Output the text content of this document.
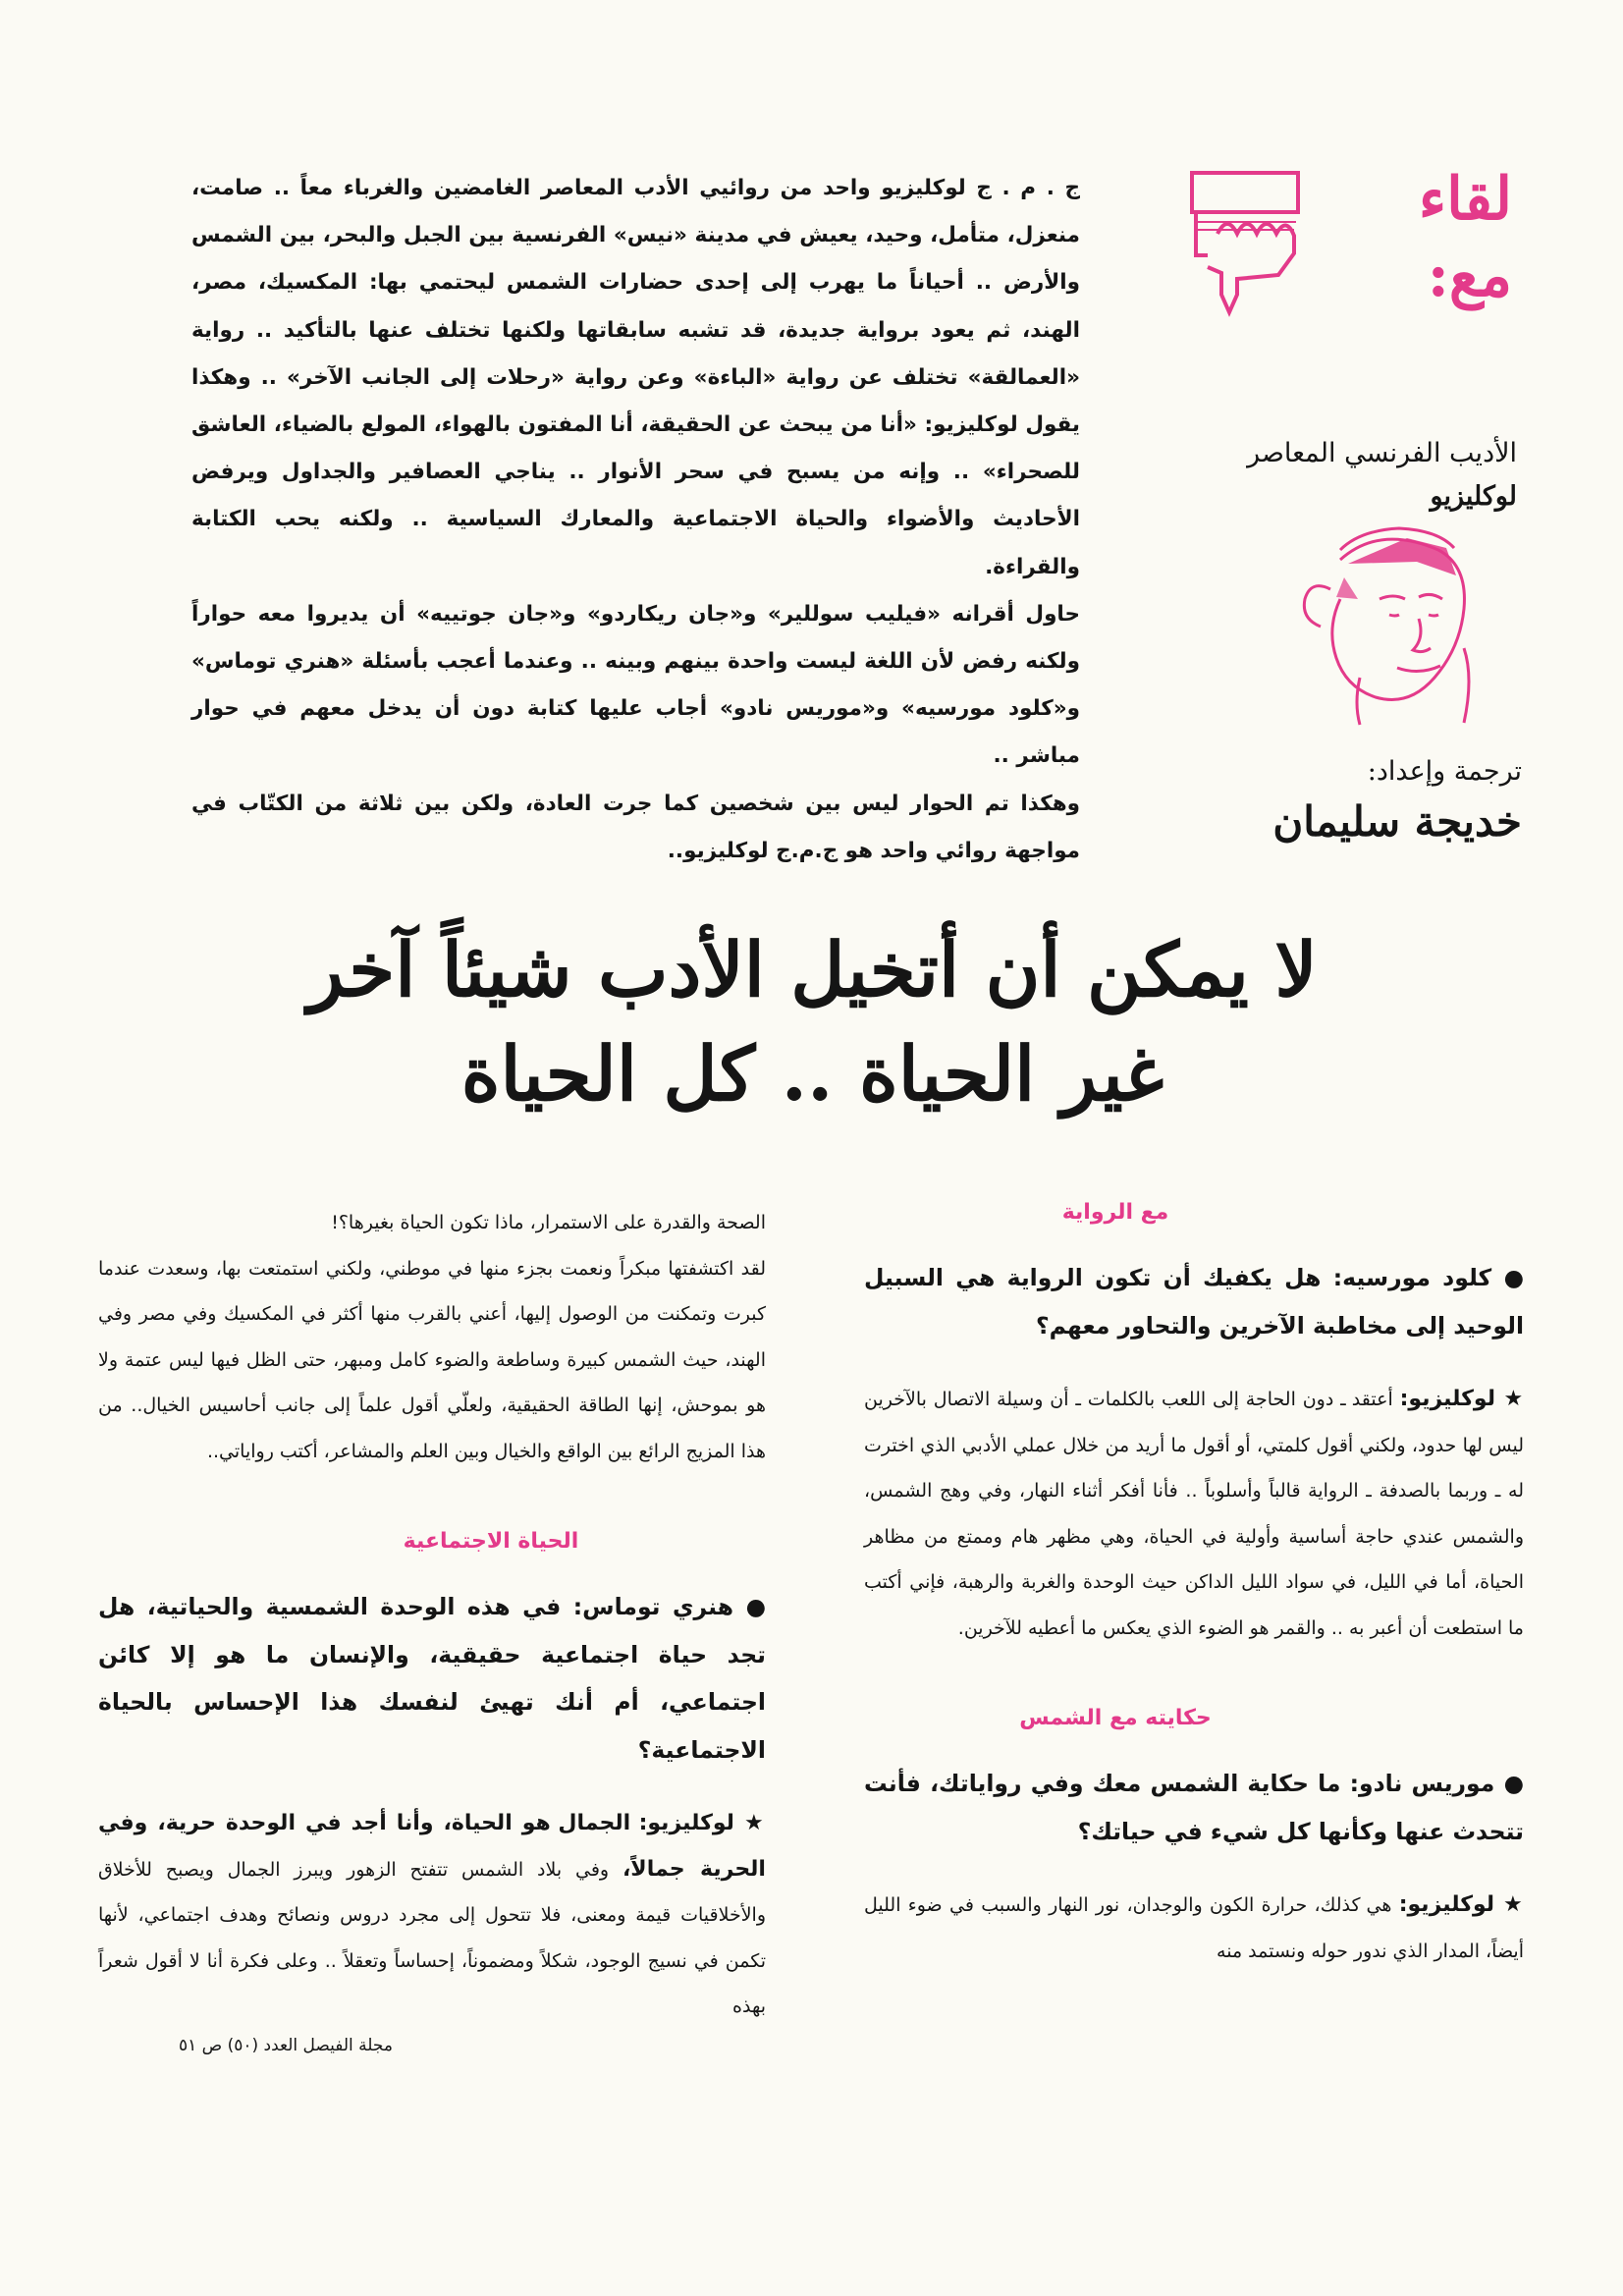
لقاء
مع:
الأديب الفرنسي المعاصر
لوكليزيو
ترجمة وإعداد:
خديجة سليمان

ج . م . ج لوكليزيو واحد من روائيي الأدب المعاصر الغامضين والغرباء معاً .. صامت، منعزل، متأمل، وحيد، يعيش في مدينة «نيس» الفرنسية بين الجبل والبحر، بين الشمس والأرض .. أحياناً ما يهرب إلى إحدى حضارات الشمس ليحتمي بها: المكسيك، مصر، الهند، ثم يعود برواية جديدة، قد تشبه سابقاتها ولكنها تختلف عنها بالتأكيد .. رواية «العمالقة» تختلف عن رواية «الباءة» وعن رواية «رحلات إلى الجانب الآخر» .. وهكذا يقول لوكليزيو: «أنا من يبحث عن الحقيقة، أنا المفتون بالهواء، المولع بالضياء، العاشق للصحراء» .. وإنه من يسبح في سحر الأنوار .. يناجي العصافير والجداول ويرفض الأحاديث والأضواء والحياة الاجتماعية والمعارك السياسية .. ولكنه يحب الكتابة والقراءة.

حاول أقرانه «فيليب سوللير» و«جان ريكاردو» و«جان جوتييه» أن يديروا معه حواراً ولكنه رفض لأن اللغة ليست واحدة بينهم وبينه .. وعندما أعجب بأسئلة «هنري توماس» و«كلود مورسيه» و«موريس نادو» أجاب عليها كتابة دون أن يدخل معهم في حوار مباشر ..

وهكذا تم الحوار ليس بين شخصين كما جرت العادة، ولكن بين ثلاثة من الكتّاب في مواجهة روائي واحد هو ج.م.ج لوكليزيو..

لا يمكن أن أتخيل الأدب شيئاً آخر
غير الحياة .. كل الحياة
مع الرواية

● كلود مورسيه: هل يكفيك أن تكون الرواية هي السبيل الوحيد إلى مخاطبة الآخرين والتحاور معهم؟

★ لوكليزيو: أعتقد ـ دون الحاجة إلى اللعب بالكلمات ـ أن وسيلة الاتصال بالآخرين ليس لها حدود، ولكني أقول كلمتي، أو أقول ما أريد من خلال عملي الأدبي الذي اخترت له ـ وربما بالصدفة ـ الرواية قالباً وأسلوباً .. فأنا أفكر أثناء النهار، وفي وهج الشمس، والشمس عندي حاجة أساسية وأولية في الحياة، وهي مظهر هام وممتع من مظاهر الحياة، أما في الليل، في سواد الليل الداكن حيث الوحدة والغربة والرهبة، فإني أكتب ما استطعت أن أعبر به .. والقمر هو الضوء الذي يعكس ما أعطيه للآخرين.

حكايته مع الشمس

● موريس نادو: ما حكاية الشمس معك وفي رواياتك، فأنت تتحدث عنها وكأنها كل شيء في حياتك؟

★ لوكليزيو: هي كذلك، حرارة الكون والوجدان، نور النهار والسبب في ضوء الليل أيضاً، المدار الذي ندور حوله ونستمد منه

الصحة والقدرة على الاستمرار، ماذا تكون الحياة بغيرها؟!

لقد اكتشفتها مبكراً ونعمت بجزء منها في موطني، ولكني استمتعت بها، وسعدت عندما كبرت وتمكنت من الوصول إليها، أعني بالقرب منها أكثر في المكسيك وفي مصر وفي الهند، حيث الشمس كبيرة وساطعة والضوء كامل ومبهر، حتى الظل فيها ليس عتمة ولا هو بموحش، إنها الطاقة الحقيقية، ولعلّي أقول علماً إلى جانب أحاسيس الخيال.. من هذا المزيج الرائع بين الواقع والخيال وبين العلم والمشاعر، أكتب رواياتي..

الحياة الاجتماعية

● هنري توماس: في هذه الوحدة الشمسية والحياتية، هل تجد حياة اجتماعية حقيقية، والإنسان ما هو إلا كائن اجتماعي، أم أنك تهيئ لنفسك هذا الإحساس بالحياة الاجتماعية؟

★ لوكليزيو: الجمال هو الحياة، وأنا أجد في الوحدة حرية، وفي الحرية جمالاً، وفي بلاد الشمس تتفتح الزهور ويبرز الجمال ويصبح للأخلاق والأخلاقيات قيمة ومعنى، فلا تتحول إلى مجرد دروس ونصائح وهدف اجتماعي، لأنها تكمن في نسيج الوجود، شكلاً ومضموناً، إحساساً وتعقلاً .. وعلى فكرة أنا لا أقول شعراً بهذه

مجلة الفيصل العدد (٥٠) ص ٥١
